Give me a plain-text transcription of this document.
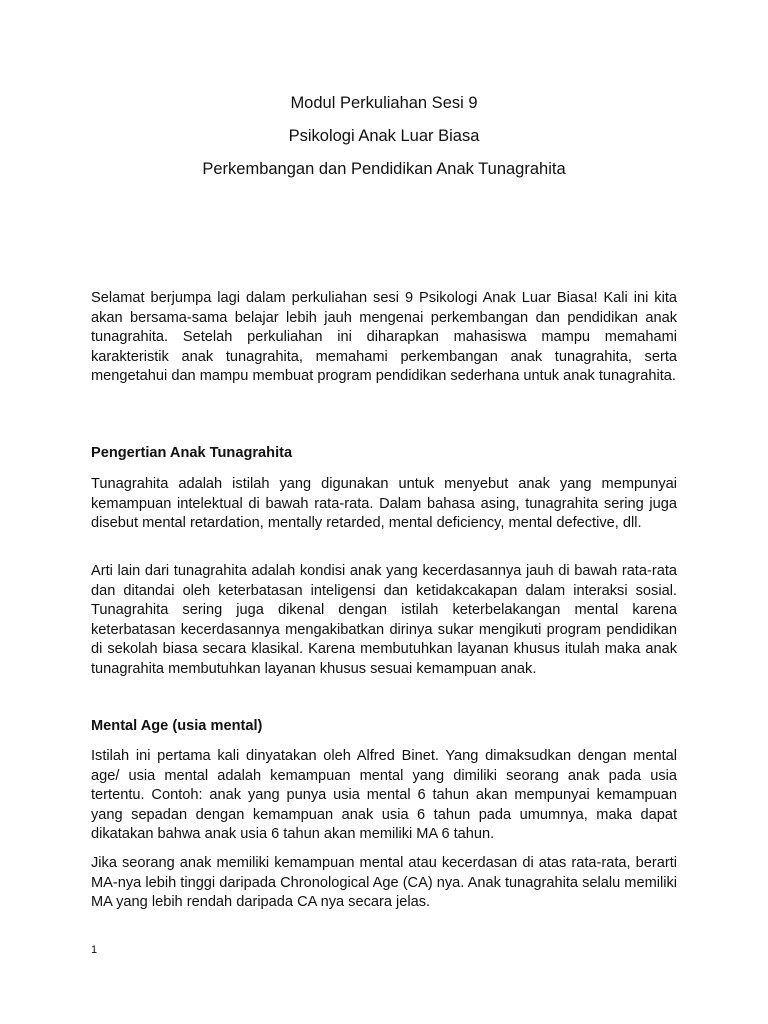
Modul Perkuliahan Sesi 9

Psikologi Anak Luar Biasa

Perkembangan dan Pendidikan Anak Tunagrahita

Selamat berjumpa lagi dalam perkuliahan sesi 9 Psikologi Anak Luar Biasa! Kali ini kita akan bersama-sama belajar lebih jauh mengenai perkembangan dan pendidikan anak tunagrahita. Setelah perkuliahan ini diharapkan mahasiswa mampu memahami karakteristik anak tunagrahita, memahami perkembangan anak tunagrahita, serta mengetahui dan mampu membuat program pendidikan sederhana untuk anak tunagrahita.

Pengertian Anak Tunagrahita

Tunagrahita adalah istilah yang digunakan untuk menyebut anak yang mempunyai kemampuan intelektual di bawah rata-rata. Dalam bahasa asing, tunagrahita sering juga disebut mental retardation, mentally retarded, mental deficiency, mental defective, dll.

Arti lain dari tunagrahita adalah kondisi anak yang kecerdasannya jauh di bawah rata-rata dan ditandai oleh keterbatasan inteligensi dan ketidakcakapan dalam interaksi sosial. Tunagrahita sering juga dikenal dengan istilah keterbelakangan mental karena keterbatasan kecerdasannya mengakibatkan dirinya sukar mengikuti program pendidikan di sekolah biasa secara klasikal. Karena membutuhkan layanan khusus itulah maka anak tunagrahita membutuhkan layanan khusus sesuai kemampuan anak.

Mental Age (usia mental)

Istilah ini pertama kali dinyatakan oleh Alfred Binet. Yang dimaksudkan dengan mental age/ usia mental adalah kemampuan mental yang dimiliki seorang anak pada usia tertentu. Contoh: anak yang punya usia mental 6 tahun akan mempunyai kemampuan yang sepadan dengan kemampuan anak usia 6 tahun pada umumnya, maka dapat dikatakan bahwa anak usia 6 tahun akan memiliki MA 6 tahun.

Jika seorang anak memiliki kemampuan mental atau kecerdasan di atas rata-rata, berarti MA-nya lebih tinggi daripada Chronological Age (CA) nya. Anak tunagrahita selalu memiliki MA yang lebih rendah daripada CA nya secara jelas.

1
